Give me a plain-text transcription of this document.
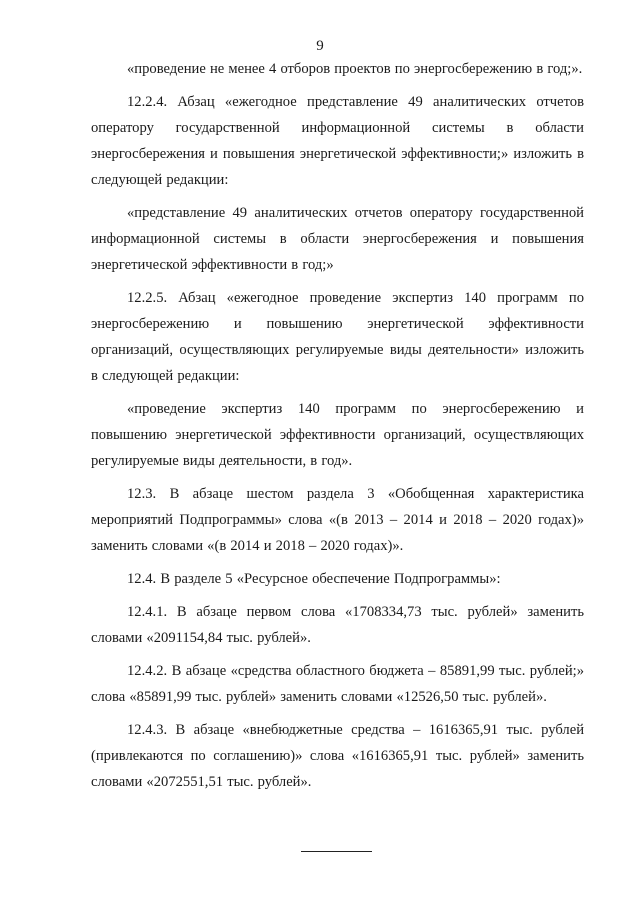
9

«проведение не менее 4 отборов проектов по энергосбережению в год;».

12.2.4. Абзац «ежегодное представление 49 аналитических отчетов оператору государственной информационной системы в области энергосбережения и повышения энергетической эффективности;» изложить в следующей редакции:

«представление 49 аналитических отчетов оператору государственной информационной системы в области энергосбережения и повышения энергетической эффективности в год;»

12.2.5. Абзац «ежегодное проведение экспертиз 140 программ по энергосбережению и повышению энергетической эффективности организаций, осуществляющих регулируемые виды деятельности» изложить в следующей редакции:

«проведение экспертиз 140 программ по энергосбережению и повышению энергетической эффективности организаций, осуществляющих регулируемые виды деятельности, в год».

12.3. В абзаце шестом раздела 3 «Обобщенная характеристика мероприятий Подпрограммы» слова «(в 2013 – 2014 и 2018 – 2020 годах)» заменить словами «(в 2014 и 2018 – 2020 годах)».

12.4. В разделе 5 «Ресурсное обеспечение Подпрограммы»:

12.4.1. В абзаце первом слова «1708334,73 тыс. рублей» заменить словами «2091154,84 тыс. рублей».

12.4.2. В абзаце «средства областного бюджета – 85891,99 тыс. рублей;» слова «85891,99 тыс. рублей» заменить словами «12526,50 тыс. рублей».

12.4.3. В абзаце «внебюджетные средства – 1616365,91 тыс. рублей (привлекаются по соглашению)» слова «1616365,91 тыс. рублей» заменить словами «2072551,51 тыс. рублей».
